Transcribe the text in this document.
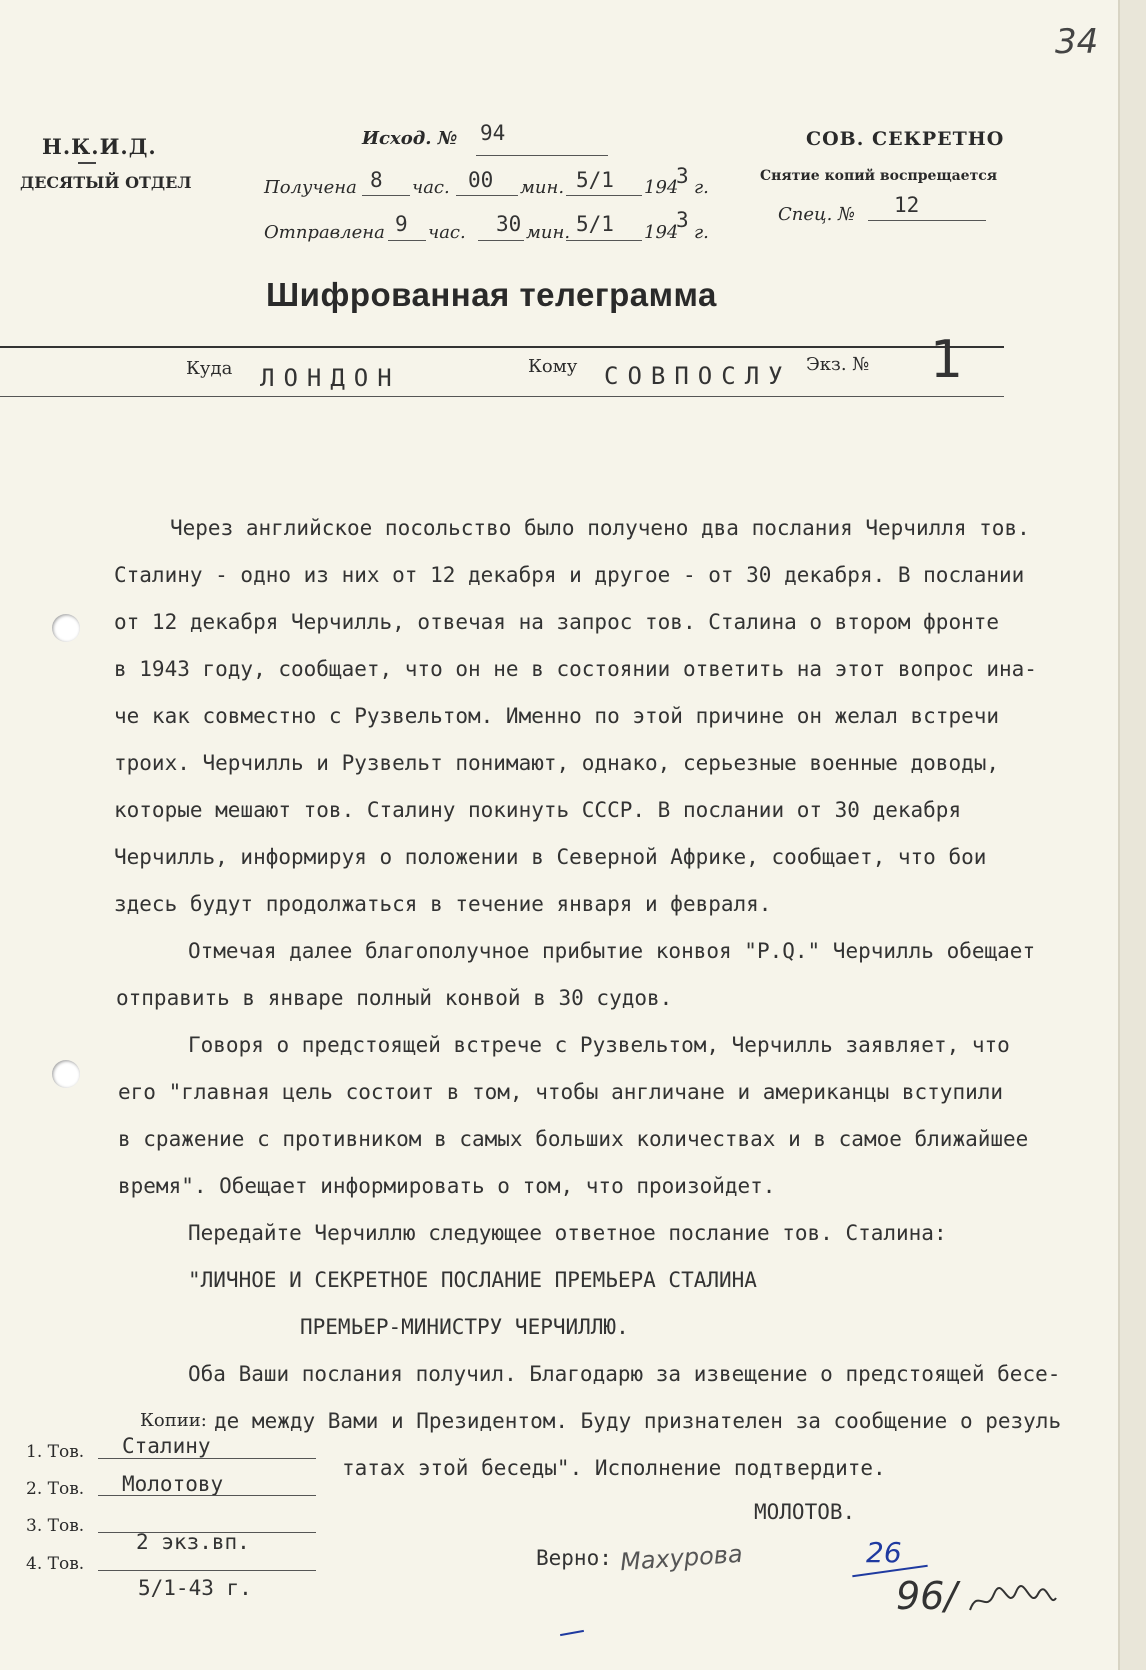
34
Н.К.И.Д.
ДЕСЯТЫЙ ОТДЕЛ
Исход. № 94
Получена 8 час. 00 мин. 5/1 194
3 г.
Отправлена 9 час. 30 мин. 5/1 194
3
г.
СОВ. СЕКРЕТНО
Снятие копий воспрещается
Спец. № 12
Шифрованная телеграмма
Куда ЛОНДОН	Кому СОВПОСЛУ Экз. № 1
Через английское посольство было получено два послания Черчилля тов.
Сталину - одно из них от 12 декабря и другое - от 30 декабря. В послании
от 12 декабря Черчилль, отвечая на запрос тов. Сталина о втором фронте
в 1943 году, сообщает, что он не в состоянии ответить на этот вопрос ина-
че как совместно с Рузвельтом. Именно по этой причине он желал встречи
троих. Черчилль и Рузвельт понимают, однако, серьезные военные доводы,
которые мешают тов. Сталину покинуть СССР. В послании от 30 декабря
Черчилль, информируя о положении в Северной Африке, сообщает, что бои
здесь будут продолжаться в течение января и февраля.
Отмечая далее благополучное прибытие конвоя "P.Q." Черчилль обещает
отправить в январе полный конвой в 30 судов.
Говоря о предстоящей встрече с Рузвельтом, Черчилль заявляет, что
его "главная цель состоит в том, чтобы англичане и американцы вступили
в сражение с противником в самых больших количествах и в самое ближайшее
время". Обещает информировать о том, что произойдет.
Передайте Черчиллю следующее ответное послание тов. Сталина:
"ЛИЧНОЕ И СЕКРЕТНОЕ ПОСЛАНИЕ ПРЕМЬЕРА СТАЛИНА
ПРЕМЬЕР-МИНИСТРУ ЧЕРЧИЛЛЮ.
Оба Ваши послания получил. Благодарю за извещение о предстоящей бесе-
де между Вами и Президентом. Буду признателен за сообщение о резуль
татах этой беседы". Исполнение подтвердите.
МОЛОТОВ.
Копии:
1. Тов. Сталину
2. Тов. Молотову
3. Тов.
2 экз.вп.
4. Тов.
5/1-43 г.
Верно: Махурова	26
96/
